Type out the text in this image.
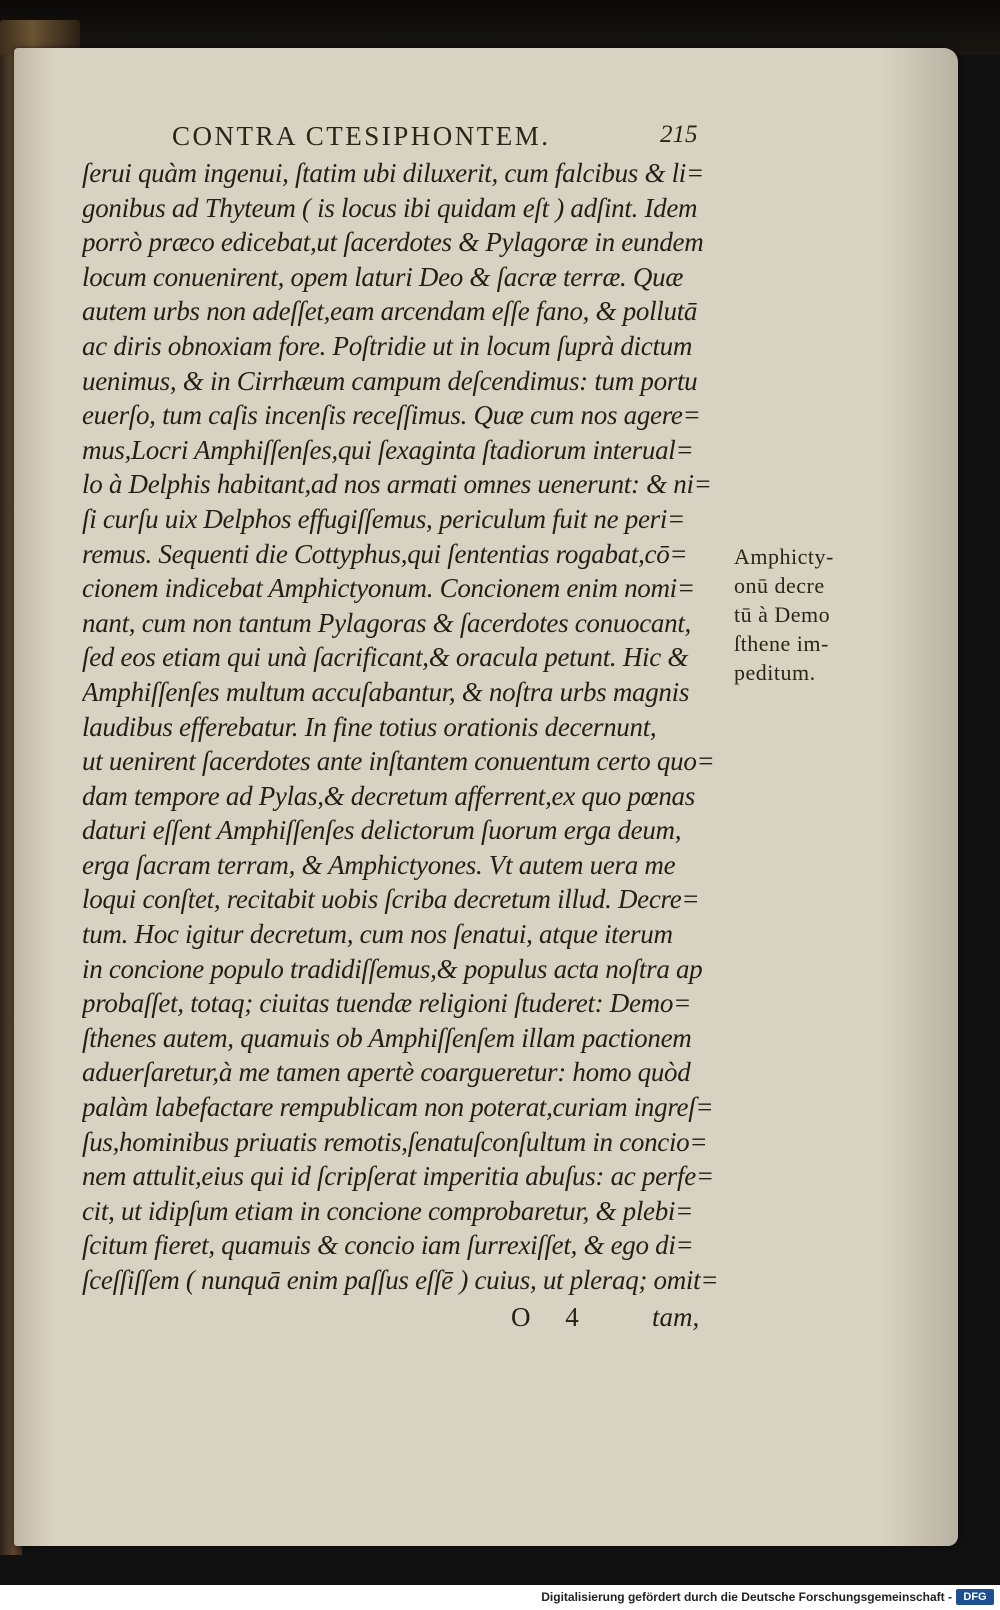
CONTRA CTESIPHONTEM.	215
ſerui quàm ingenui, ſtatim ubi diluxerit, cum falcibus & li=
gonibus ad Thyteum ( is locus ibi quidam eſt ) adſint. Idem
porrò præco edicebat,ut ſacerdotes & Pylagoræ in eundem
locum conuenirent, opem laturi Deo & ſacræ terræ. Quæ
autem urbs non adeſſet,eam arcendam eſſe fano, & pollutā
ac diris obnoxiam fore. Poſtridie ut in locum ſuprà dictum
uenimus, & in Cirrhæum campum deſcendimus: tum portu
euerſo, tum caſis incenſis receſſimus. Quæ cum nos agere=
mus,Locri Amphiſſenſes,qui ſexaginta ſtadiorum interual=
lo à Delphis habitant,ad nos armati omnes uenerunt: & ni=
ſi curſu uix Delphos effugiſſemus, periculum fuit ne peri=
remus. Sequenti die Cottyphus,qui ſententias rogabat,cō=
cionem indicebat Amphictyonum. Concionem enim nomi=
nant, cum non tantum Pylagoras & ſacerdotes conuocant,
ſed eos etiam qui unà ſacrificant,& oracula petunt. Hic &
Amphiſſenſes multum accuſabantur, & noſtra urbs magnis
laudibus efferebatur. In fine totius orationis decernunt,
ut uenirent ſacerdotes ante inſtantem conuentum certo quo=
dam tempore ad Pylas,& decretum afferrent,ex quo pœnas
daturi eſſent Amphiſſenſes delictorum ſuorum erga deum,
erga ſacram terram, & Amphictyones. Vt autem uera me
loqui conſtet, recitabit uobis ſcriba decretum illud. Decre=
tum. Hoc igitur decretum, cum nos ſenatui, atque iterum
in concione populo tradidiſſemus,& populus acta noſtra ap
probaſſet, totaq; ciuitas tuendæ religioni ſtuderet: Demo=
ſthenes autem, quamuis ob Amphiſſenſem illam pactionem
aduerſaretur,à me tamen apertè coargueretur: homo quòd
palàm labefactare rempublicam non poterat,curiam ingreſ=
ſus,hominibus priuatis remotis,ſenatuſconſultum in concio=
nem attulit,eius qui id ſcripſerat imperitia abuſus: ac perfe=
cit, ut idipſum etiam in concione comprobaretur, & plebi=
ſcitum fieret, quamuis & concio iam ſurrexiſſet, & ego di=
ſceſſiſſem ( nunquā enim paſſus eſſē ) cuius, ut pleraq; omit=
Amphicty-
onū decre
tū à Demo
ſthene im-
peditum.
O 4 tam,
Digitalisierung gefördert durch die Deutsche Forschungsgemeinschaft -	DFG
